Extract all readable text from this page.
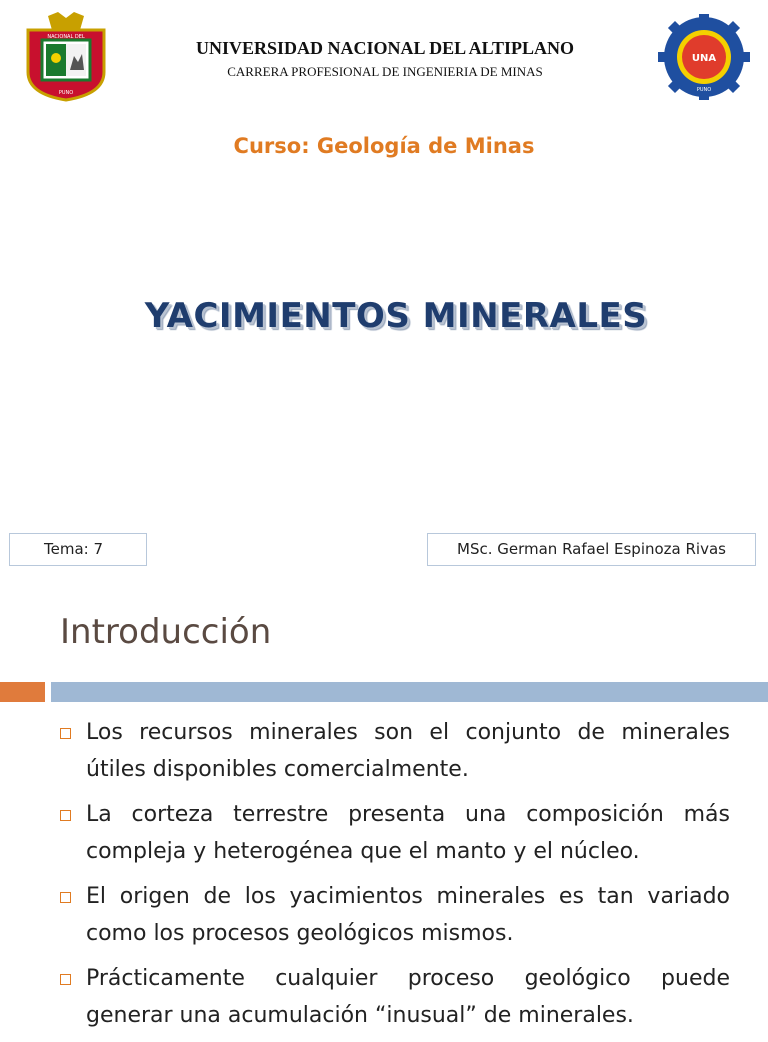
NACIONAL DEL
PUNO
UNIVERSIDAD NACIONAL DEL ALTIPLANO
CARRERA PROFESIONAL DE INGENIERIA DE MINAS
UNA
PUNO
Curso: Geología de Minas
YACIMIENTOS MINERALES
Tema: 7	MSc. German Rafael Espinoza Rivas
Introducción
Los recursos minerales son el conjunto de minerales útiles disponibles comercialmente.
La corteza terrestre presenta una composición más compleja y heterogénea que el manto y el núcleo.
El origen de los yacimientos minerales es tan variado como los procesos geológicos mismos.
Prácticamente cualquier proceso geológico puede generar una acumulación “inusual” de minerales.
